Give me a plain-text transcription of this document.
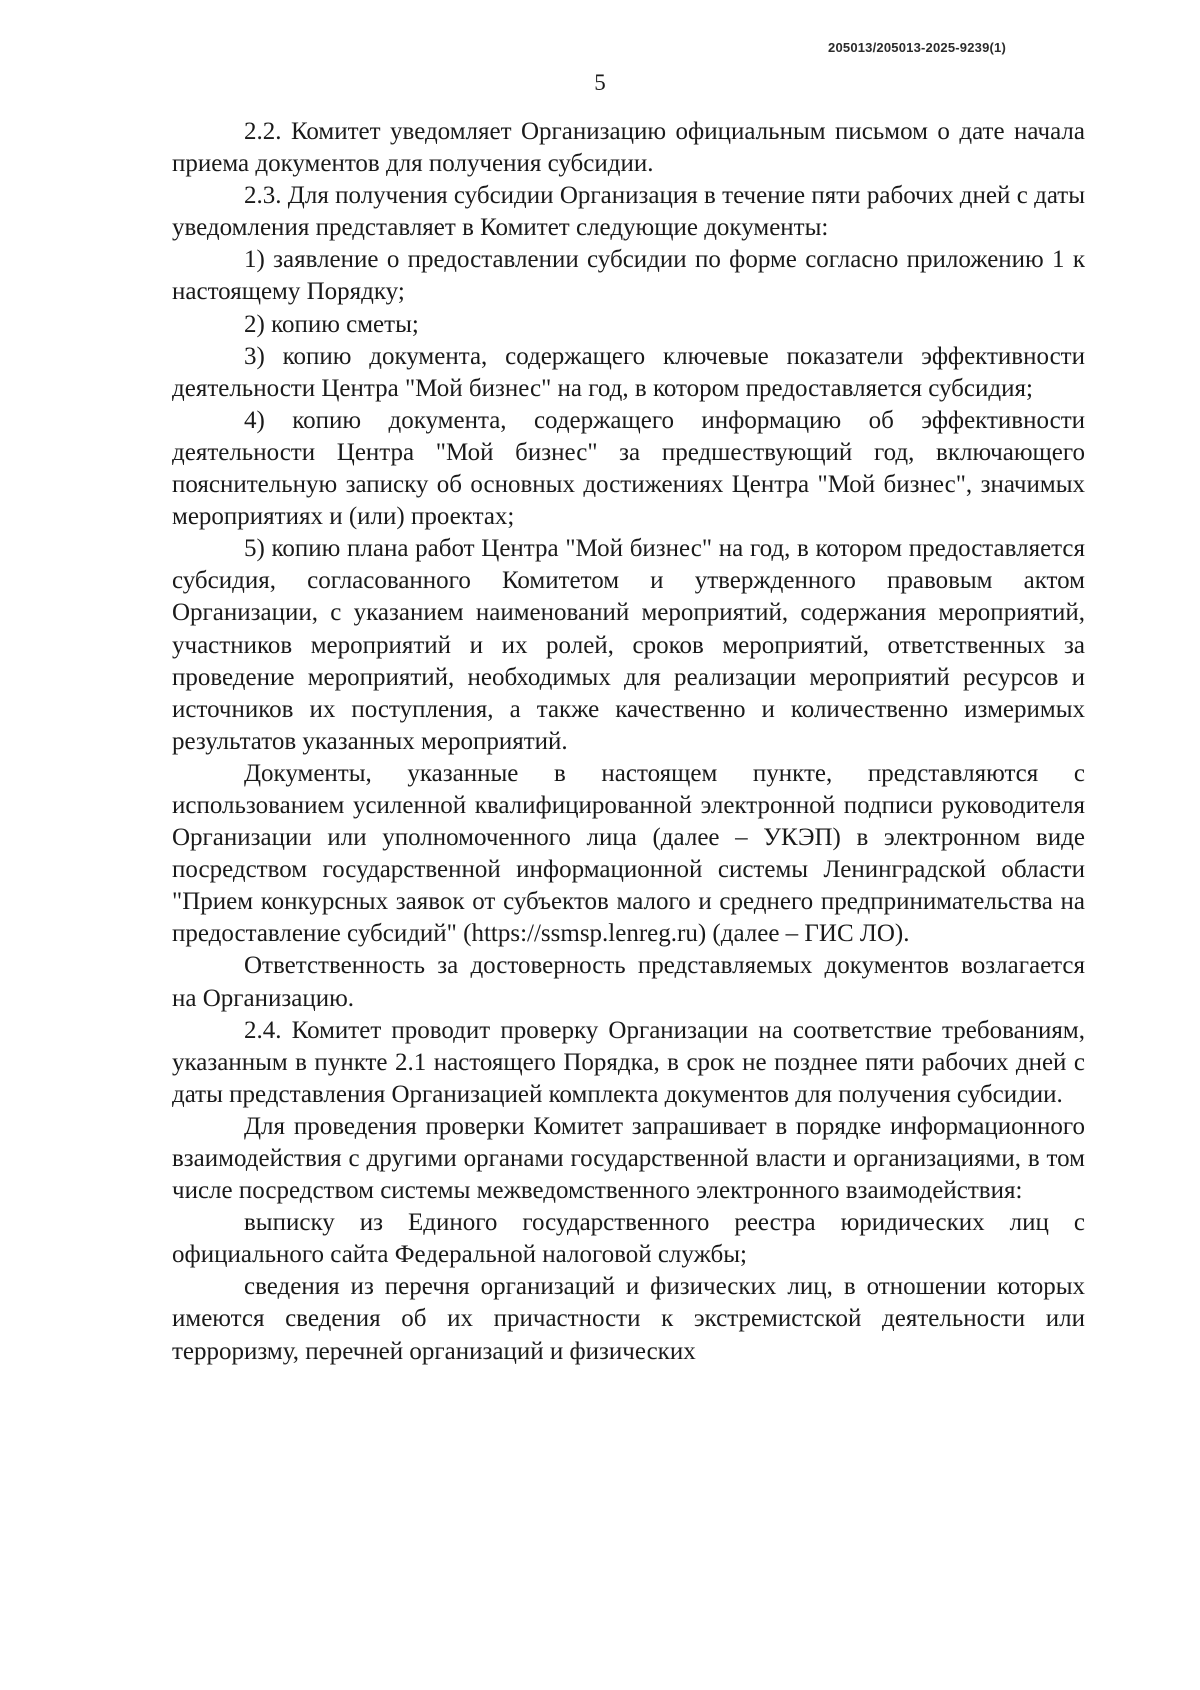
205013/205013-2025-9239(1)
5

2.2. Комитет уведомляет Организацию официальным письмом о дате начала приема документов для получения субсидии.

2.3. Для получения субсидии Организация в течение пяти рабочих дней с даты уведомления представляет в Комитет следующие документы:

1) заявление о предоставлении субсидии по форме согласно приложению 1 к настоящему Порядку;

2) копию сметы;

3) копию документа, содержащего ключевые показатели эффективности деятельности Центра "Мой бизнес" на год, в котором предоставляется субсидия;

4) копию документа, содержащего информацию об эффективности деятельности Центра "Мой бизнес" за предшествующий год, включающего пояснительную записку об основных достижениях Центра "Мой бизнес", значимых мероприятиях и (или) проектах;

5) копию плана работ Центра "Мой бизнес" на год, в котором предоставляется субсидия, согласованного Комитетом и утвержденного правовым актом Организации, с указанием наименований мероприятий, содержания мероприятий, участников мероприятий и их ролей, сроков мероприятий, ответственных за проведение мероприятий, необходимых для реализации мероприятий ресурсов и источников их поступления, а также качественно и количественно измеримых результатов указанных мероприятий.

Документы, указанные в настоящем пункте, представляются с использованием усиленной квалифицированной электронной подписи руководителя Организации или уполномоченного лица (далее – УКЭП) в электронном виде посредством государственной информационной системы Ленинградской области "Прием конкурсных заявок от субъектов малого и среднего предпринимательства на предоставление субсидий" (https://ssmsp.lenreg.ru) (далее – ГИС ЛО).

Ответственность за достоверность представляемых документов возлагается на Организацию.

2.4. Комитет проводит проверку Организации на соответствие требованиям, указанным в пункте 2.1 настоящего Порядка, в срок не позднее пяти рабочих дней с даты представления Организацией комплекта документов для получения субсидии.

Для проведения проверки Комитет запрашивает в порядке информационного взаимодействия с другими органами государственной власти и организациями, в том числе посредством системы межведомственного электронного взаимодействия:

выписку из Единого государственного реестра юридических лиц с официального сайта Федеральной налоговой службы;

сведения из перечня организаций и физических лиц, в отношении которых имеются сведения об их причастности к экстремистской деятельности или терроризму, перечней организаций и физических
